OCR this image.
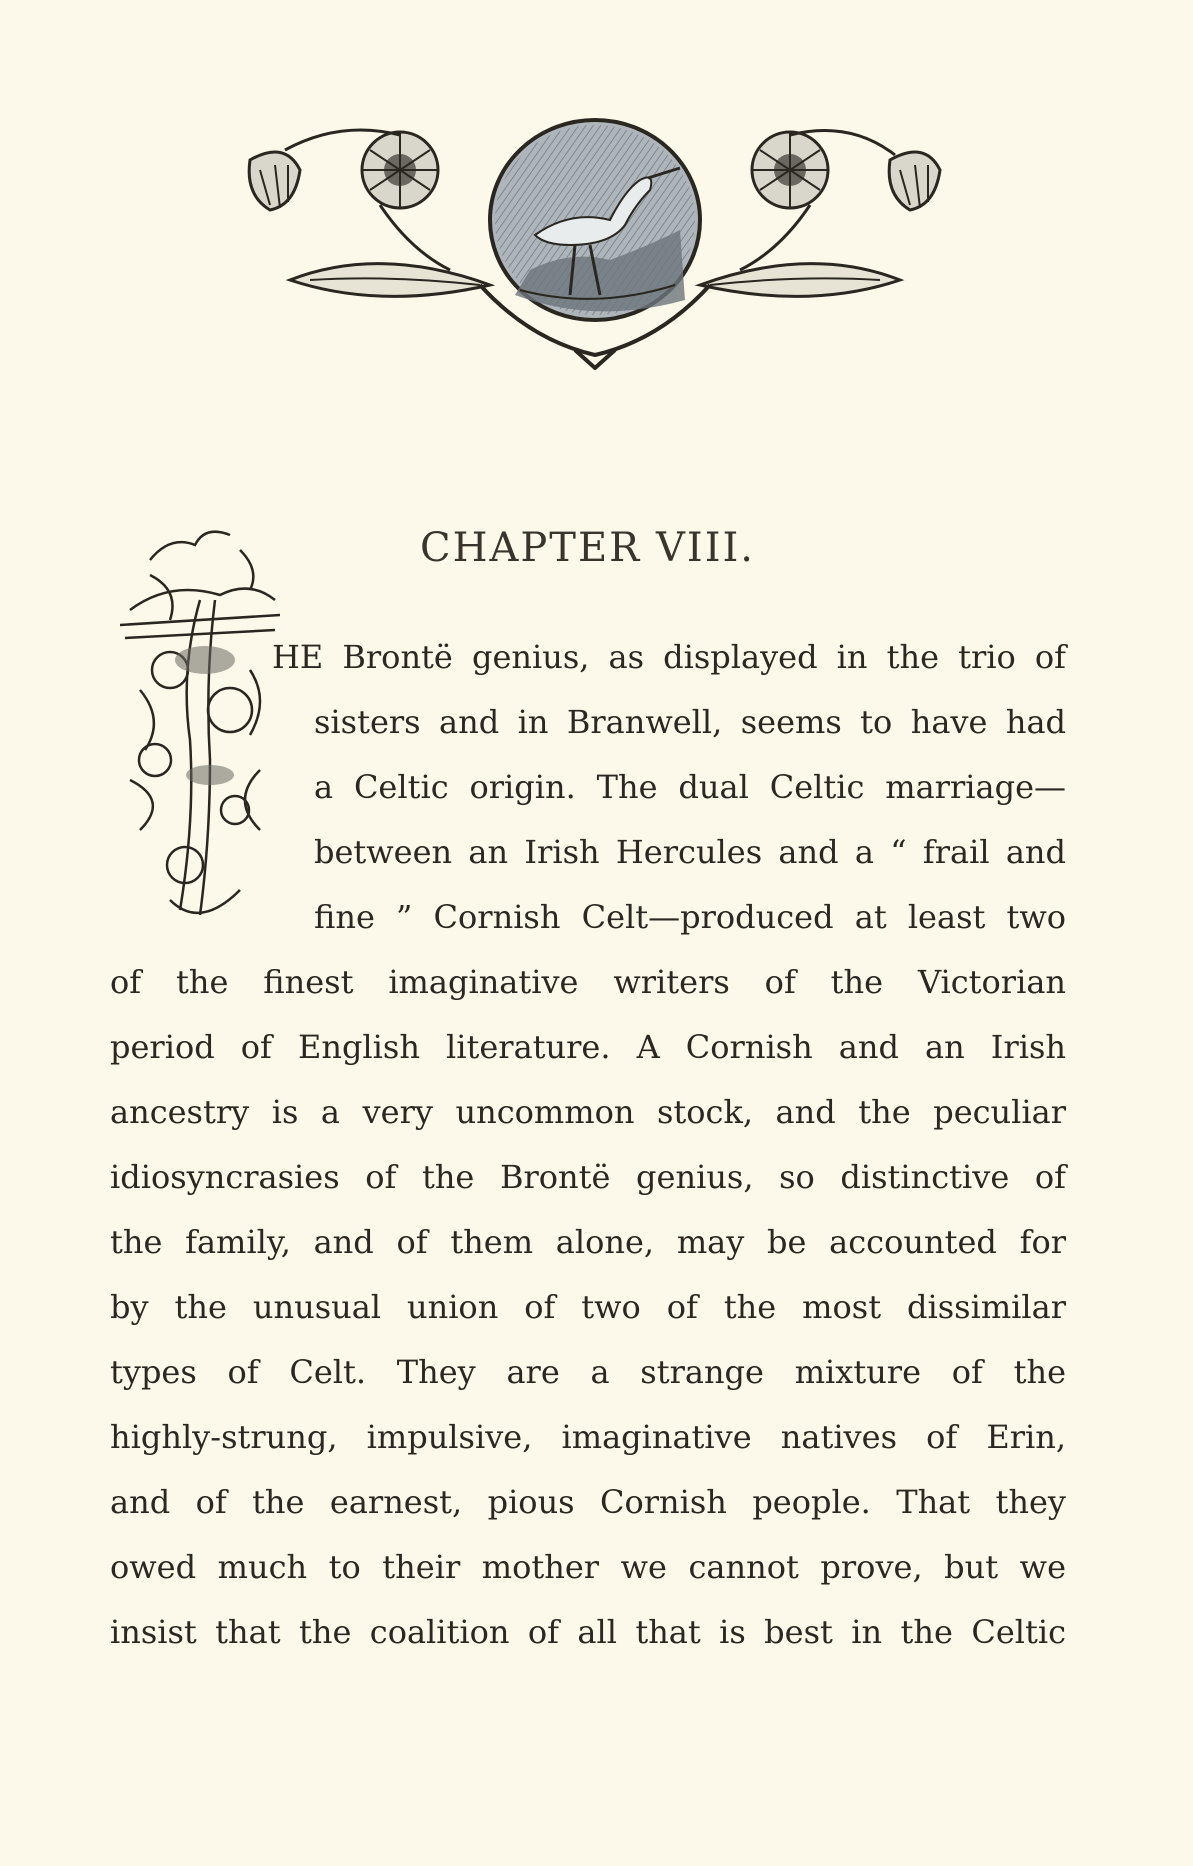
CHAPTER VIII.
HE Brontë genius, as displayed in the trio of
sisters and in Branwell, seems to have had
a Celtic origin. The dual Celtic marriage—
between an Irish Hercules and a “ frail and
fine ” Cornish Celt—produced at least two
of the finest imaginative writers of the Victorian
period of English literature. A Cornish and an Irish
ancestry is a very uncommon stock, and the peculiar
idiosyncrasies of the Brontë genius, so distinctive of
the family, and of them alone, may be accounted for
by the unusual union of two of the most dissimilar
types of Celt. They are a strange mixture of the
highly-strung, impulsive, imaginative natives of Erin,
and of the earnest, pious Cornish people. That they
owed much to their mother we cannot prove, but we
insist that the coalition of all that is best in the Celtic
